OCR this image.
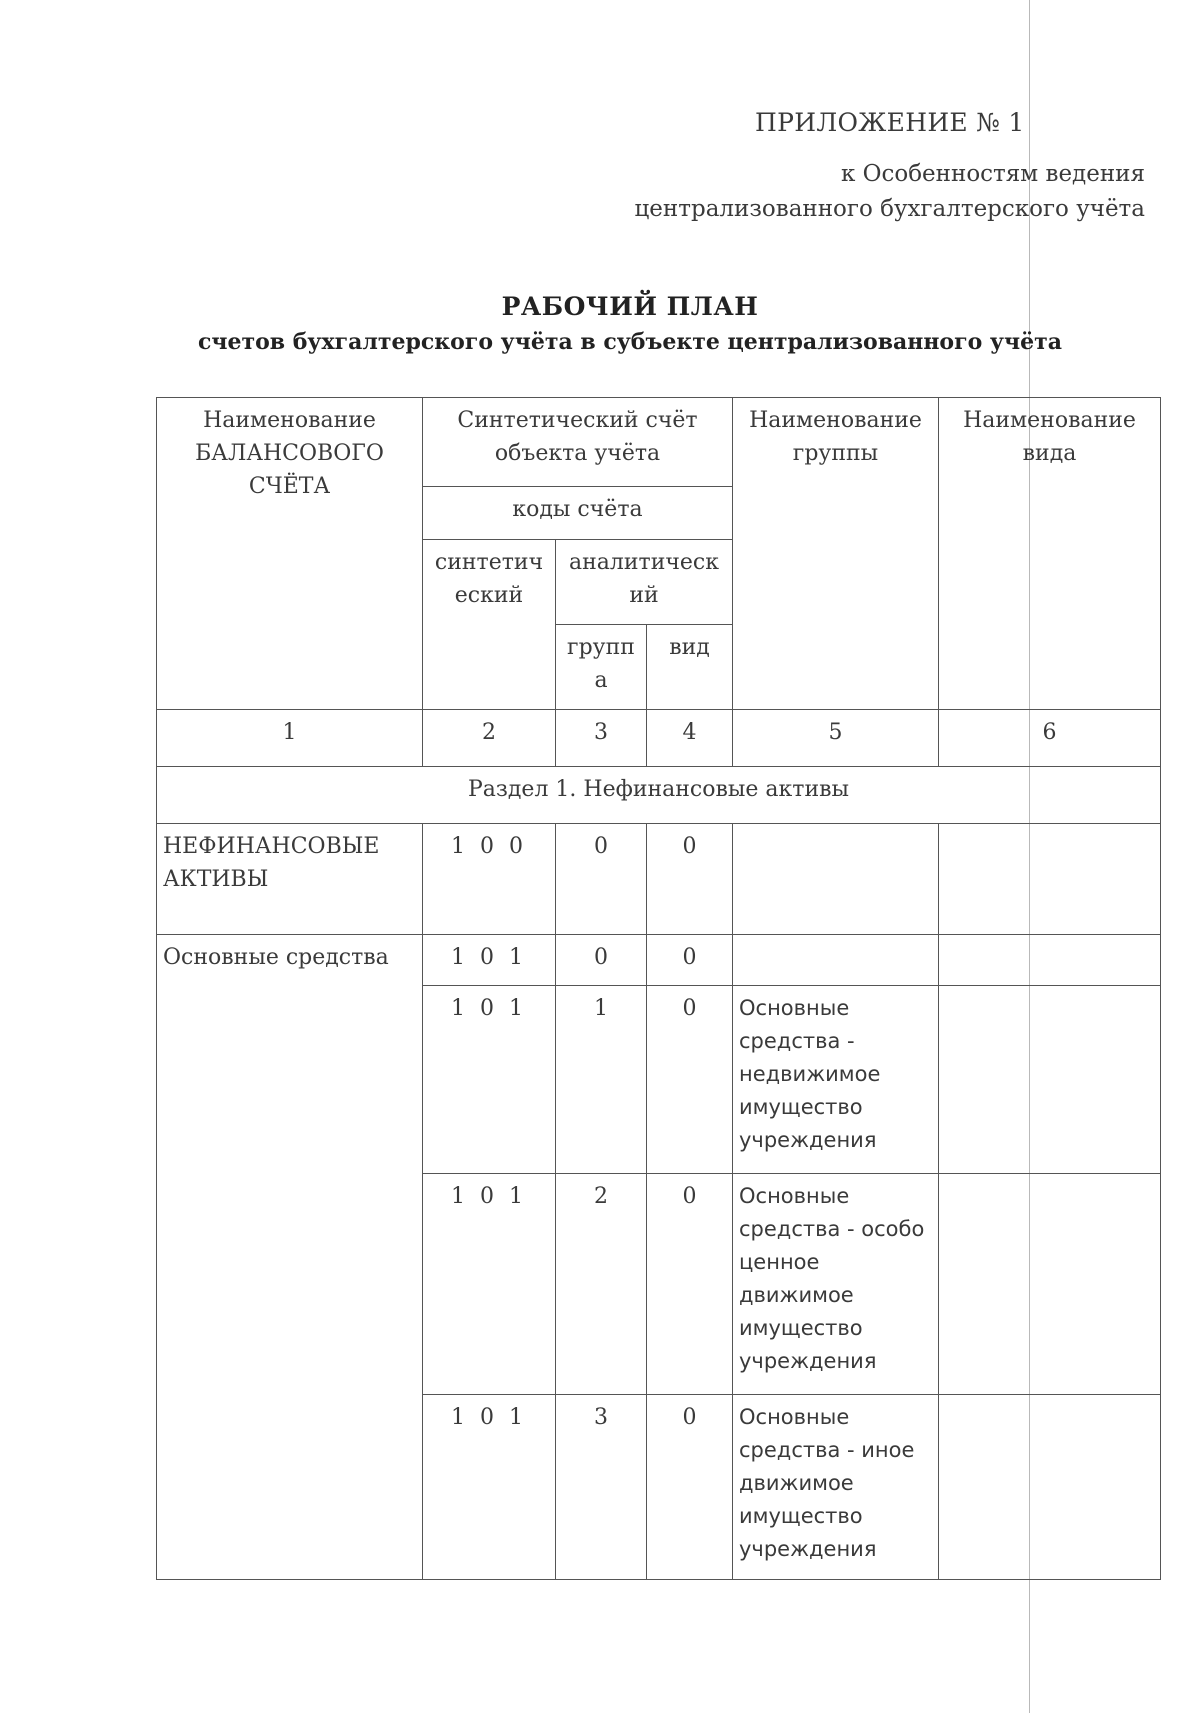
ПРИЛОЖЕНИЕ № 1
к Особенностям ведения
централизованного бухгалтерского учёта
РАБОЧИЙ ПЛАН
счетов бухгалтерского учёта в субъекте централизованного учёта
Наименование БАЛАНСОВОГО СЧЁТА	Синтетический счёт объекта учёта			Наименование группы	Наименование вида
	коды счёта				
	синтетич еский	аналитическ ий			
		групп а	вид		
1	2	3	4	5	6
Раздел 1. Нефинансовые активы					
НЕФИНАНСОВЫЕ АКТИВЫ	1 0 0	0	0		
Основные средства	1 0 1	0	0		
	1 0 1	1	0	Основные средства - недвижимое имущество учреждения	
	1 0 1	2	0	Основные средства - особо ценное движимое имущество учреждения	
	1 0 1	3	0	Основные средства - иное движимое имущество учреждения	
